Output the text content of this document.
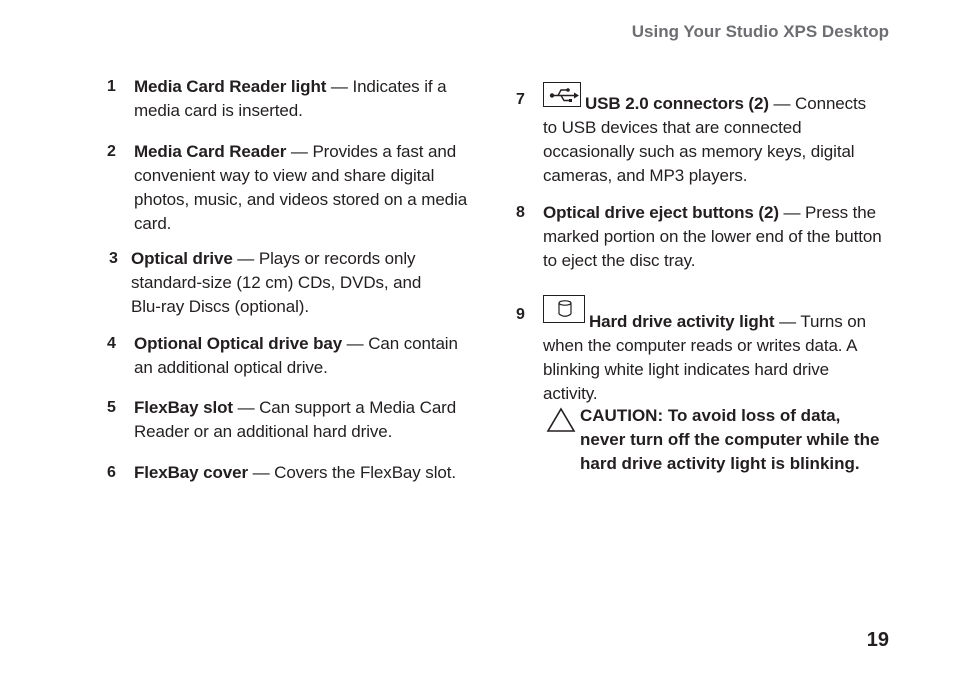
Using Your Studio XPS Desktop
1 Media Card Reader light — Indicates if a media card is inserted.
2 Media Card Reader — Provides a fast and convenient way to view and share digital photos, music, and videos stored on a media card.
3 Optical drive — Plays or records only standard-size (12 cm) CDs, DVDs, and Blu-ray Discs (optional).
4 Optional Optical drive bay — Can contain an additional optical drive.
5 FlexBay slot — Can support a Media Card Reader or an additional hard drive.
6 FlexBay cover — Covers the FlexBay slot.
7	USB 2.0 connectors (2) — Connects to USB devices that are connected occasionally such as memory keys, digital cameras, and MP3 players.
8 Optical drive eject buttons (2) — Press the marked portion on the lower end of the button to eject the disc tray.
9	Hard drive activity light — Turns on when the computer reads or writes data. A blinking white light indicates hard drive activity.
CAUTION: To avoid loss of data, never turn off the computer while the hard drive activity light is blinking.
19
